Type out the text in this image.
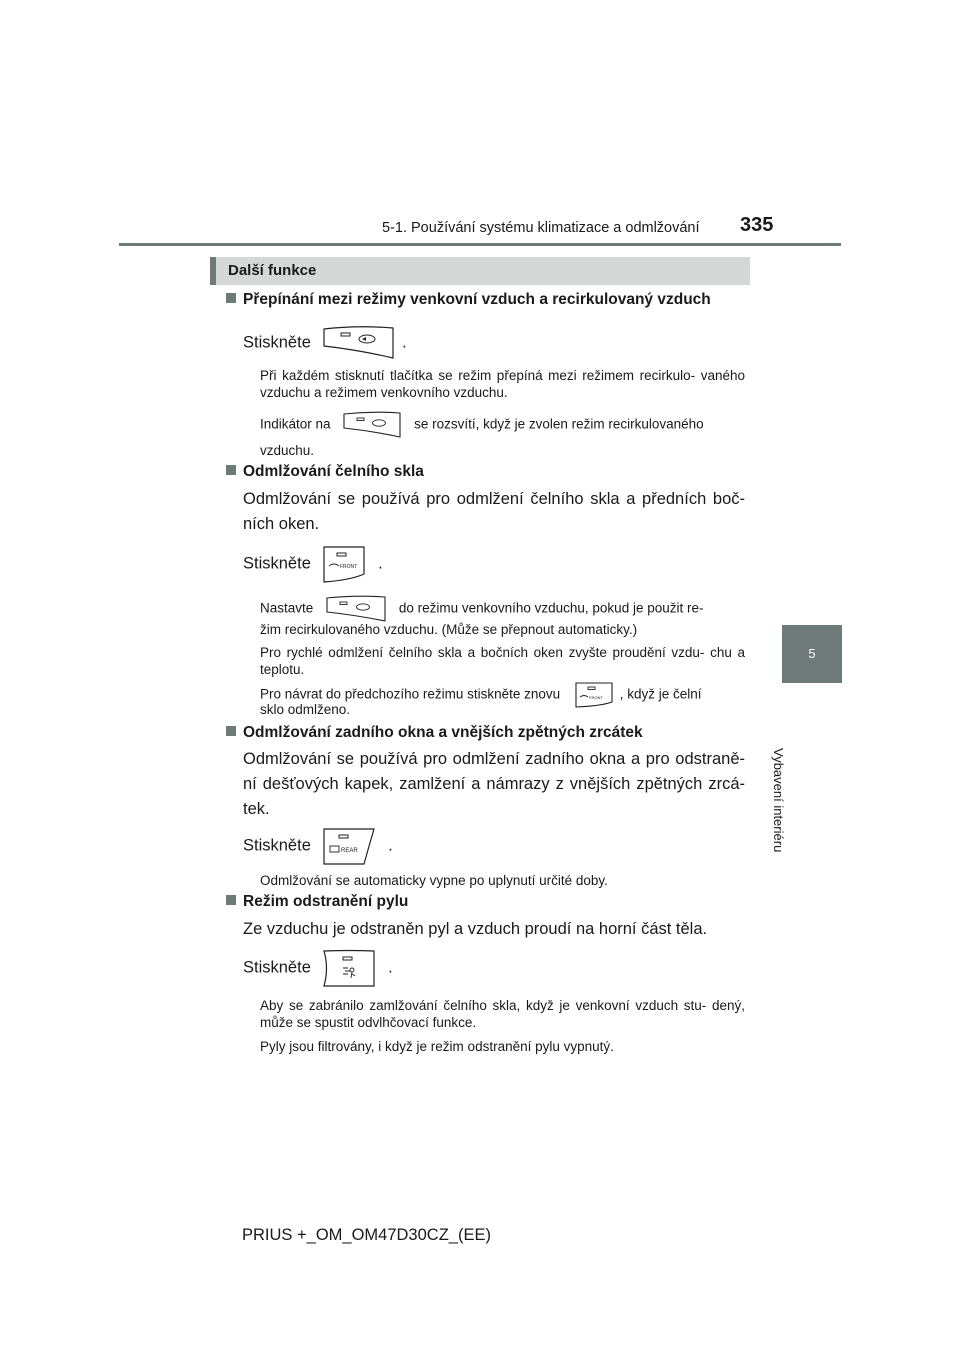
5-1. Používání systému klimatizace a odmlžování 335
5
Vybavení interiéru
Další funkce
Přepínání mezi režimy venkovní vzduch a recirkulovaný vzduch
Stiskněte	.
Při každém stisknutí tlačítka se režim přepíná mezi režimem recirkulo- vaného vzduchu a režimem venkovního vzduchu.
Indikátor na	se rozsvítí, když je zvolen režim recirkulovaného
vzduchu.
Odmlžování čelního skla
Odmlžování se používá pro odmlžení čelního skla a předních boč- ních oken.
Stiskněte	FRONT .
Nastavte	do režimu venkovního vzduchu, pokud je použit re-
žim recirkulovaného vzduchu. (Může se přepnout automaticky.)
Pro rychlé odmlžení čelního skla a bočních oken zvyšte proudění vzdu- chu a teplotu.
Pro návrat do předchozího režimu stiskněte znovu	FRONT , když je čelní
sklo odmlženo.
Odmlžování zadního okna a vnějších zpětných zrcátek
Odmlžování se používá pro odmlžení zadního okna a pro odstraně- ní dešťových kapek, zamlžení a námrazy z vnějších zpětných zrcá- tek.
Stiskněte	REAR .
Odmlžování se automaticky vypne po uplynutí určité doby.
Režim odstranění pylu
Ze vzduchu je odstraněn pyl a vzduch proudí na horní část těla.
Stiskněte	.
Aby se zabránilo zamlžování čelního skla, když je venkovní vzduch stu- dený, může se spustit odvlhčovací funkce.
Pyly jsou filtrovány, i když je režim odstranění pylu vypnutý.
PRIUS +_OM_OM47D30CZ_(EE)
